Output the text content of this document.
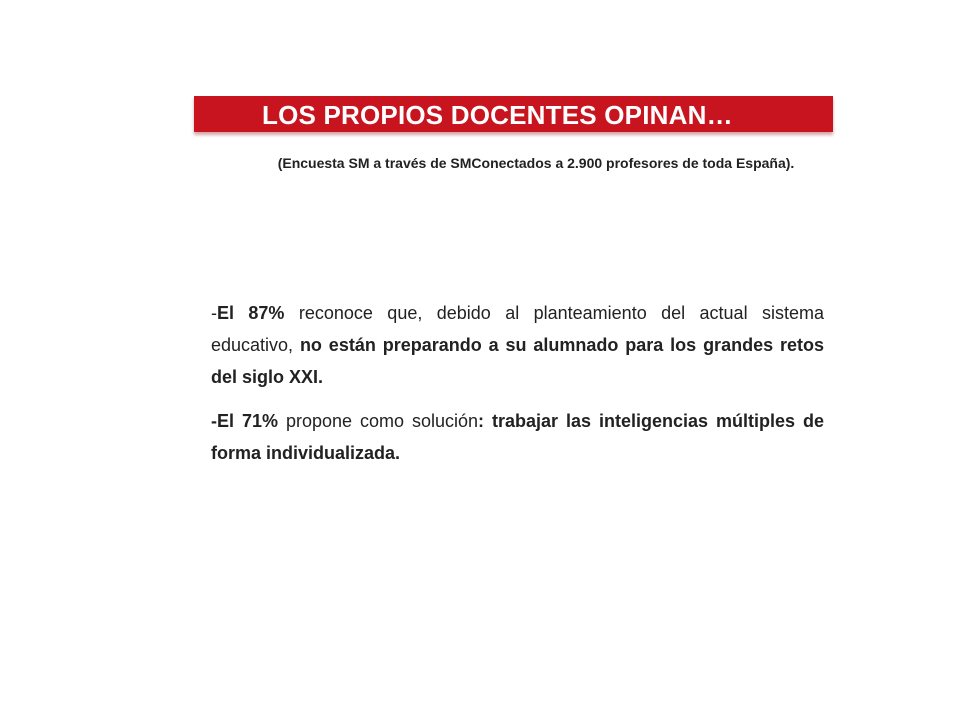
LOS PROPIOS DOCENTES OPINAN…
(Encuesta SM a través de SMConectados a 2.900 profesores de toda España).

-El 87% reconoce que, debido al planteamiento del actual sistema educativo, no están preparando a su alumnado para los grandes retos del siglo XXI.

-El 71% propone como solución: trabajar las inteligencias múltiples de forma individualizada.
